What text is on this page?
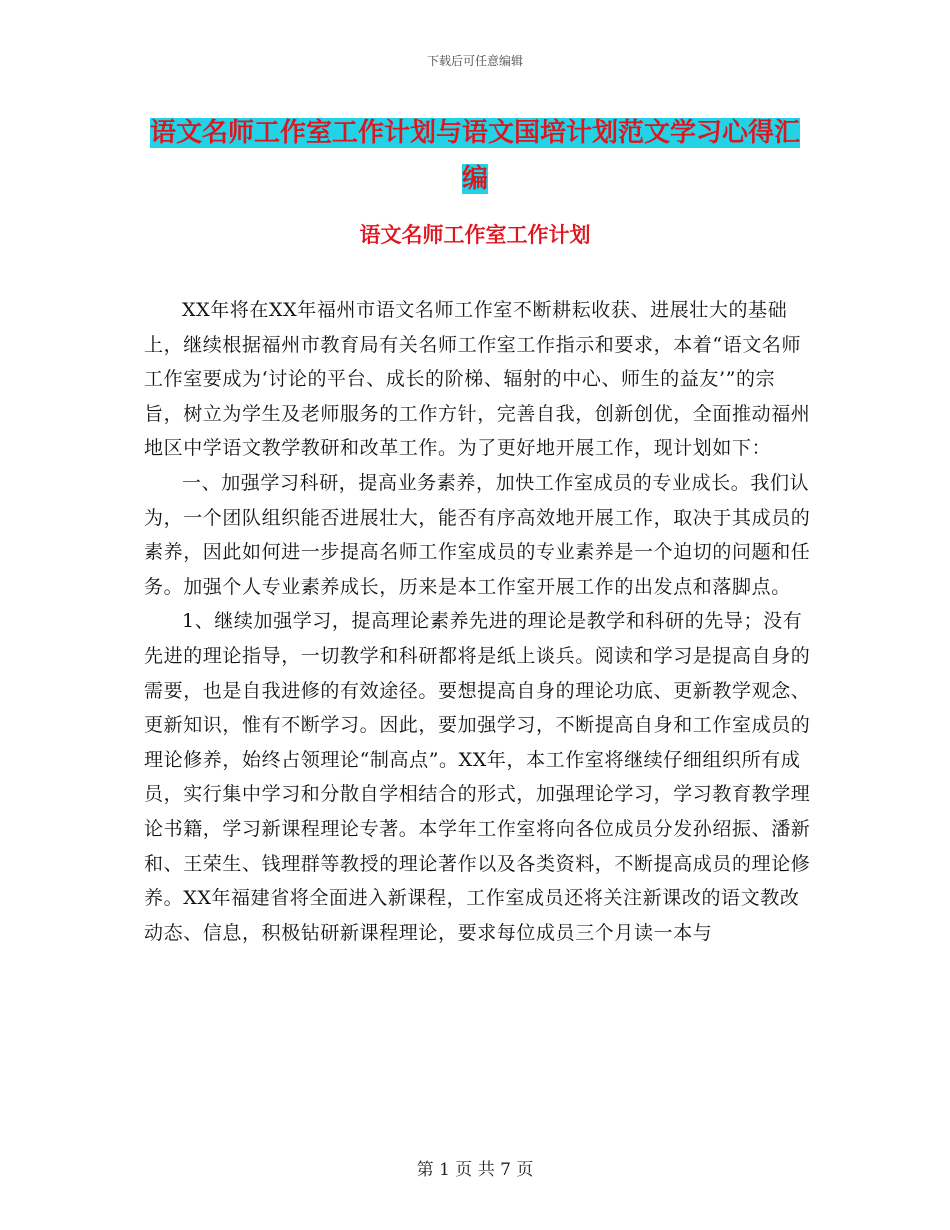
下载后可任意编辑
语文名师工作室工作计划与语文国培计划范文学习心得汇编
语文名师工作室工作计划

XX年将在XX年福州市语文名师工作室不断耕耘收获、进展壮大的基础上，继续根据福州市教育局有关名师工作室工作指示和要求，本着“语文名师工作室要成为‘讨论的平台、成长的阶梯、辐射的中心、师生的益友’”的宗旨，树立为学生及老师服务的工作方针，完善自我，创新创优，全面推动福州地区中学语文教学教研和改革工作。为了更好地开展工作，现计划如下：

一、加强学习科研，提高业务素养，加快工作室成员的专业成长。我们认为，一个团队组织能否进展壮大，能否有序高效地开展工作，取决于其成员的素养，因此如何进一步提高名师工作室成员的专业素养是一个迫切的问题和任务。加强个人专业素养成长，历来是本工作室开展工作的出发点和落脚点。

1、继续加强学习，提高理论素养先进的理论是教学和科研的先导；没有先进的理论指导，一切教学和科研都将是纸上谈兵。阅读和学习是提高自身的需要，也是自我进修的有效途径。要想提高自身的理论功底、更新教学观念、更新知识，惟有不断学习。因此，要加强学习，不断提高自身和工作室成员的理论修养，始终占领理论“制高点”。XX年，本工作室将继续仔细组织所有成员，实行集中学习和分散自学相结合的形式，加强理论学习，学习教育教学理论书籍，学习新课程理论专著。本学年工作室将向各位成员分发孙绍振、潘新和、王荣生、钱理群等教授的理论著作以及各类资料，不断提高成员的理论修养。XX年福建省将全面进入新课程，工作室成员还将关注新课改的语文教改动态、信息，积极钻研新课程理论，要求每位成员三个月读一本与

第 1 页 共 7 页
